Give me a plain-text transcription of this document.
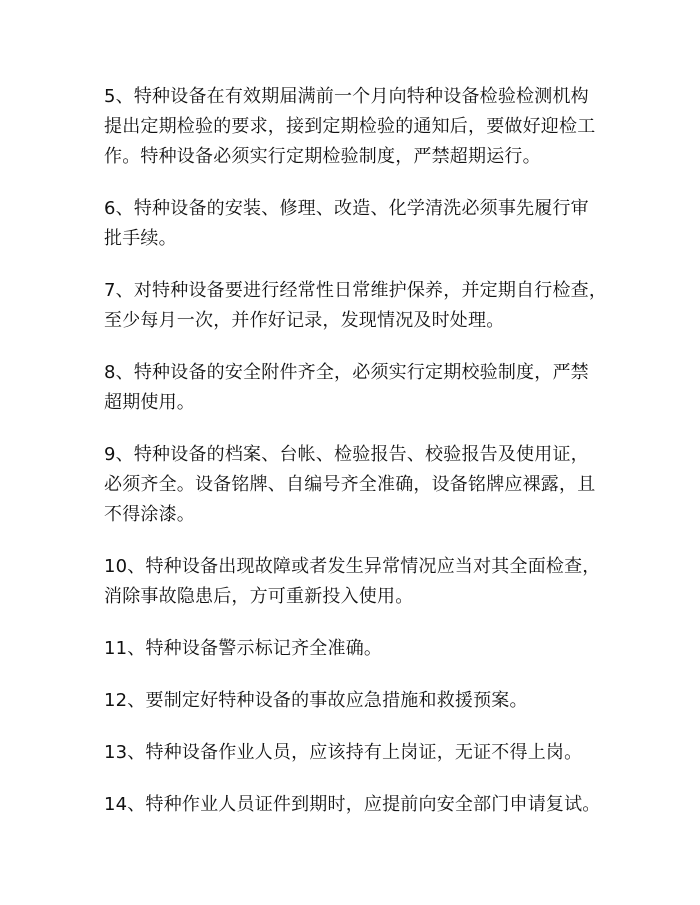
5、特种设备在有效期届满前一个月向特种设备检验检测机构
提出定期检验的要求，接到定期检验的通知后，要做好迎检工
作。特种设备必须实行定期检验制度，严禁超期运行。
6、特种设备的安装、修理、改造、化学清洗必须事先履行审
批手续。
7、对特种设备要进行经常性日常维护保养，并定期自行检查，
至少每月一次，并作好记录，发现情况及时处理。
8、特种设备的安全附件齐全，必须实行定期校验制度，严禁
超期使用。
9、特种设备的档案、台帐、检验报告、校验报告及使用证，
必须齐全。设备铭牌、自编号齐全准确，设备铭牌应裸露，且
不得涂漆。
10、特种设备出现故障或者发生异常情况应当对其全面检查，
消除事故隐患后，方可重新投入使用。
11、特种设备警示标记齐全准确。
12、要制定好特种设备的事故应急措施和救援预案。
13、特种设备作业人员，应该持有上岗证，无证不得上岗。
14、特种作业人员证件到期时，应提前向安全部门申请复试。
